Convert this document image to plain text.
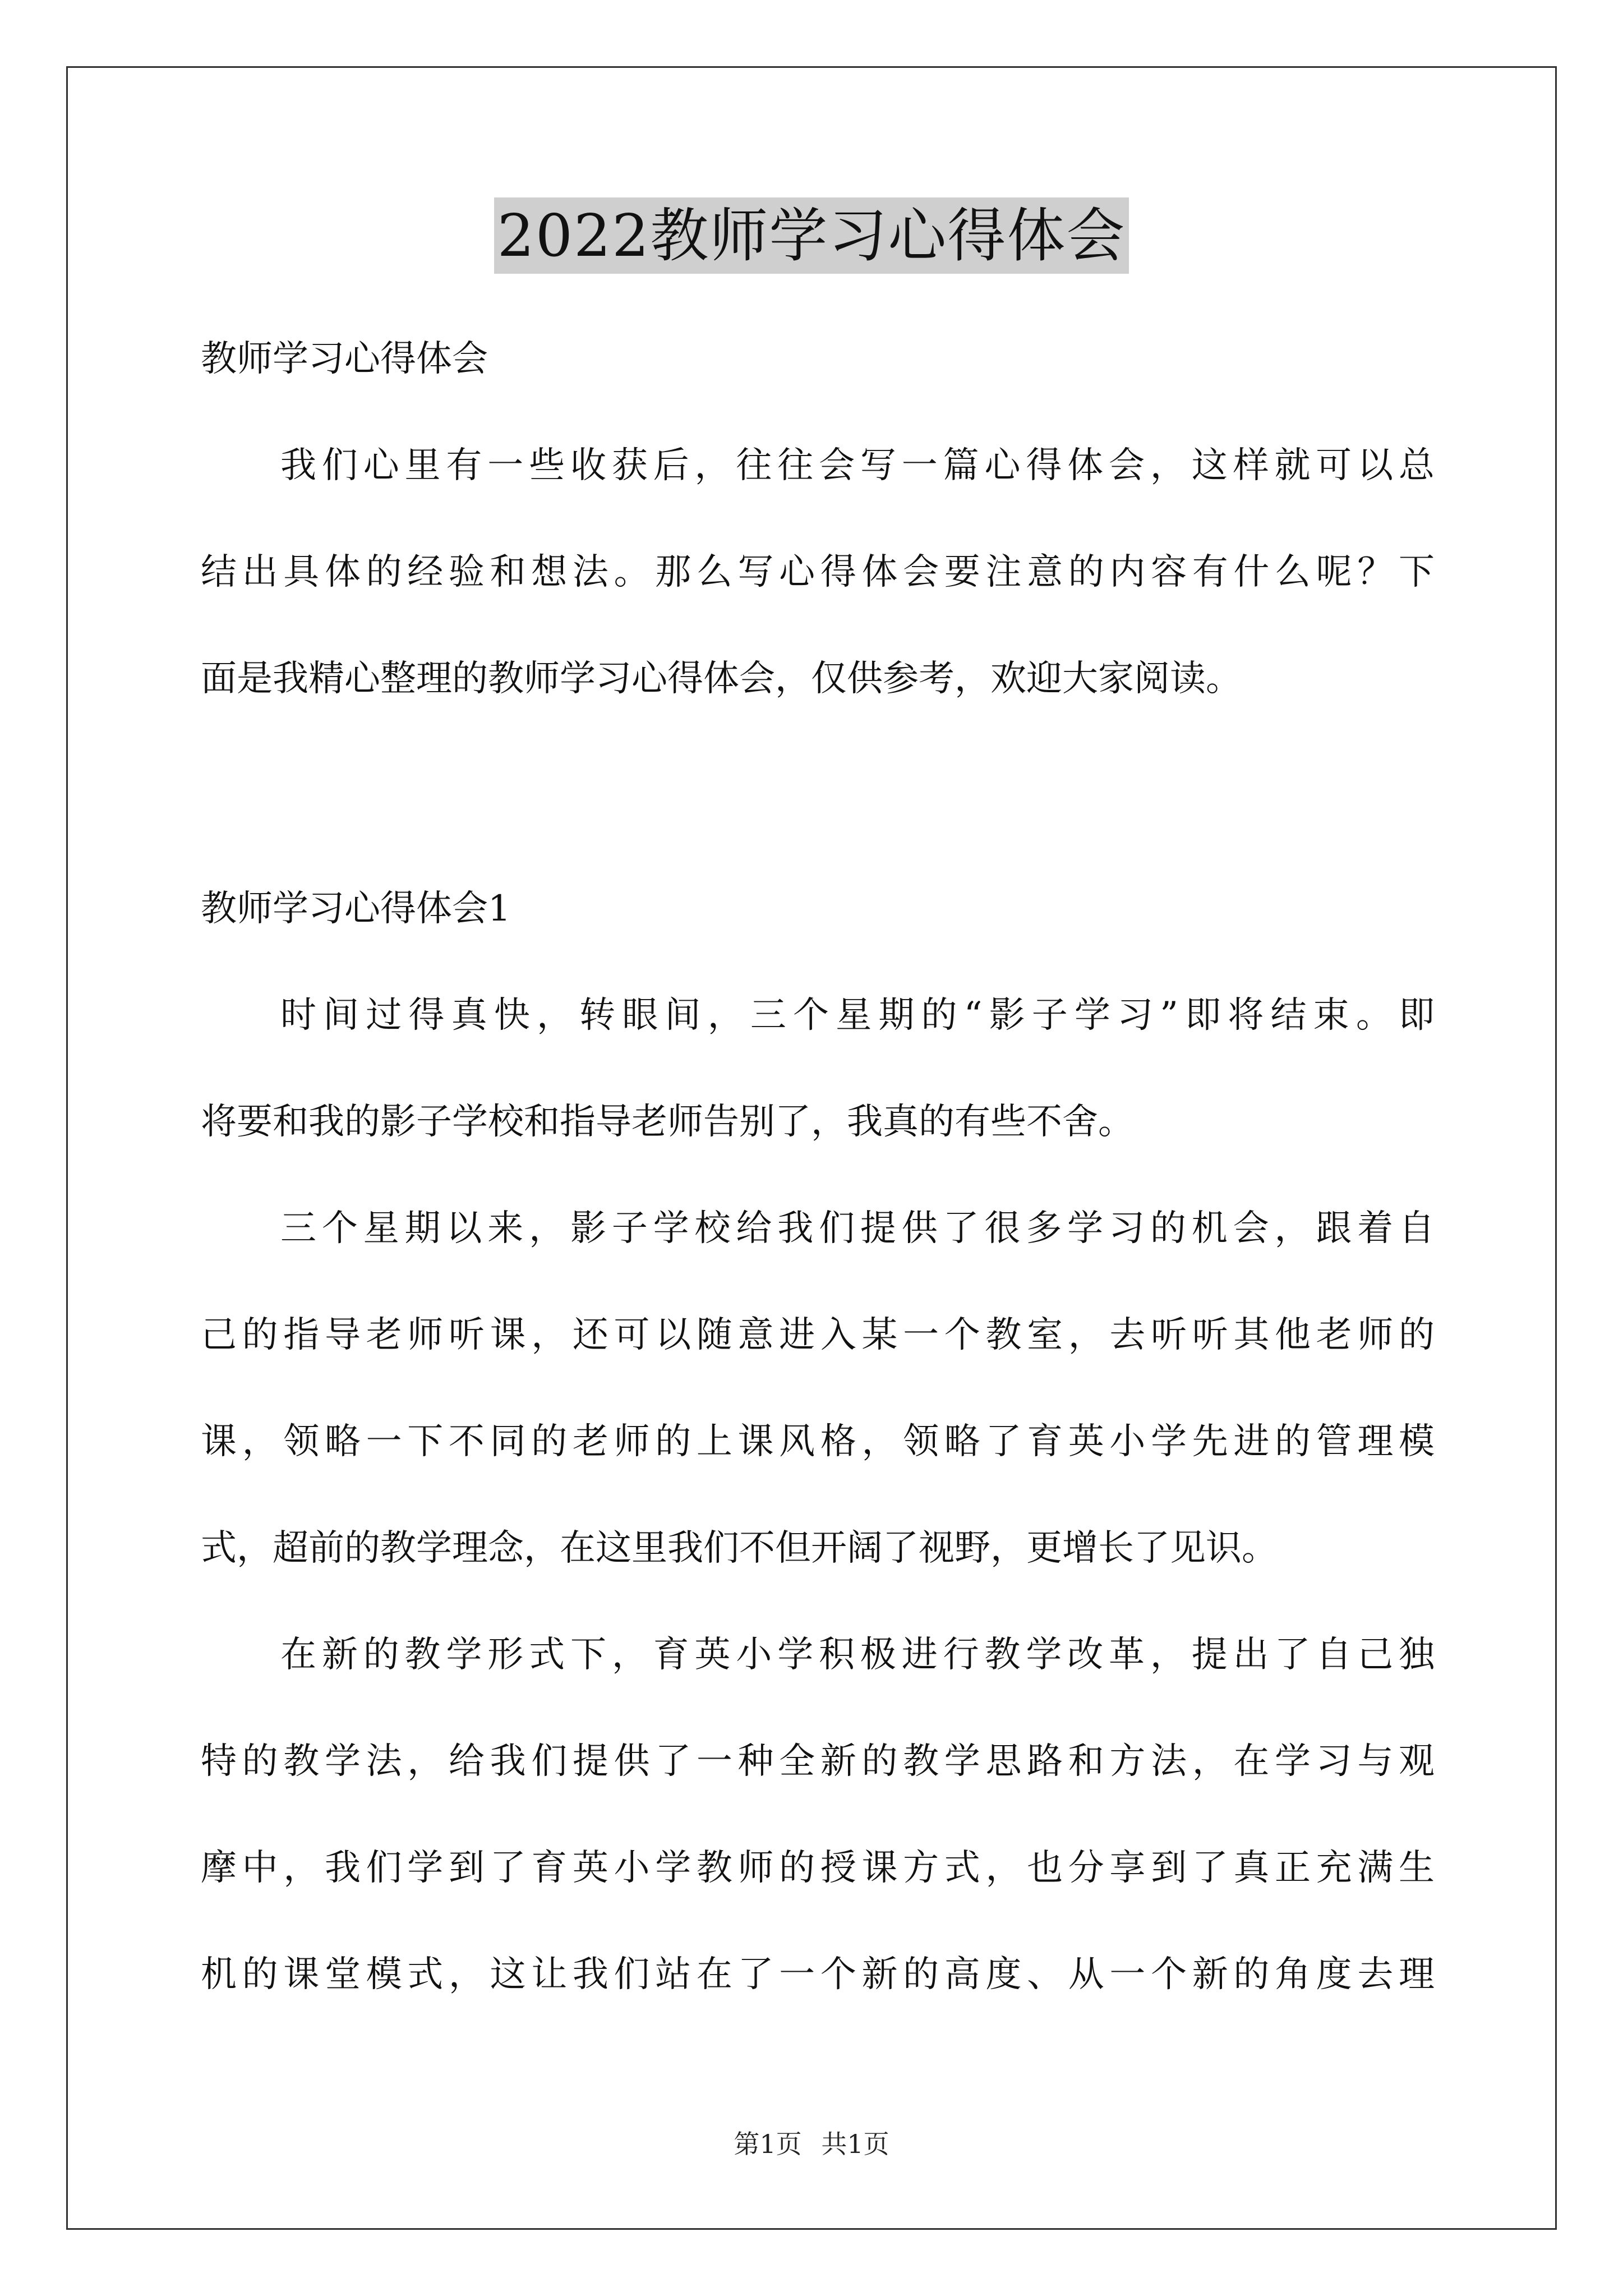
2022教师学习心得体会
教师学习心得体会
我们心里有一些收获后，往往会写一篇心得体会，这样就可以总
结出具体的经验和想法。那么写心得体会要注意的内容有什么呢？下
面是我精心整理的教师学习心得体会，仅供参考，欢迎大家阅读。
教师学习心得体会1
时间过得真快，转眼间，三个星期的“影子学习”即将结束。即
将要和我的影子学校和指导老师告别了，我真的有些不舍。
三个星期以来，影子学校给我们提供了很多学习的机会，跟着自
己的指导老师听课，还可以随意进入某一个教室，去听听其他老师的
课，领略一下不同的老师的上课风格，领略了育英小学先进的管理模
式，超前的教学理念，在这里我们不但开阔了视野，更增长了见识。
在新的教学形式下，育英小学积极进行教学改革，提出了自己独
特的教学法，给我们提供了一种全新的教学思路和方法，在学习与观
摩中，我们学到了育英小学教师的授课方式，也分享到了真正充满生
机的课堂模式，这让我们站在了一个新的高度、从一个新的角度去理
第1页 共1页
